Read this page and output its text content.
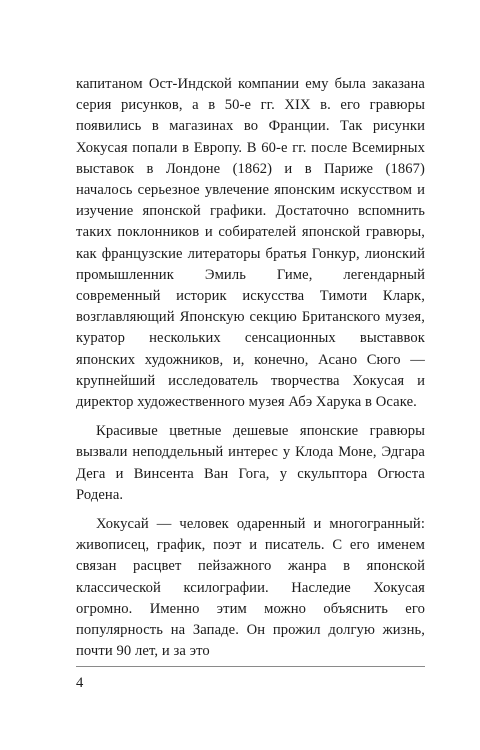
капитаном Ост-Индской компании ему была заказана серия рисунков, а в 50-е гг. XIX в. его гравюры появились в магазинах во Франции. Так рисунки Хокусая попали в Европу. В 60-е гг. после Всемирных выставок в Лондоне (1862) и в Париже (1867) началось серьезное увлечение японским искусством и изучение японской графики. Достаточно вспомнить таких поклонников и собирателей японской гравюры, как французские литераторы братья Гонкур, лионский промышленник Эмиль Гиме, легендарный современный историк искусства Тимоти Кларк, возглавляющий Японскую секцию Британского музея, куратор нескольких сенсационных выставвок японских художников, и, конечно, Асано Сюго — крупнейший исследователь творчества Хокусая и директор художественного музея Абэ Харука в Осаке.

Красивые цветные дешевые японские гравюры вызвали неподдельный интерес у Клода Моне, Эдгара Дега и Винсента Ван Гога, у скульптора Огюста Родена.

Хокусай — человек одаренный и многогранный: живописец, график, поэт и писатель. С его именем связан расцвет пейзажного жанра в японской классической ксилографии. Наследие Хокусая огромно. Именно этим можно объяснить его популярность на Западе. Он прожил долгую жизнь, почти 90 лет, и за это

4
